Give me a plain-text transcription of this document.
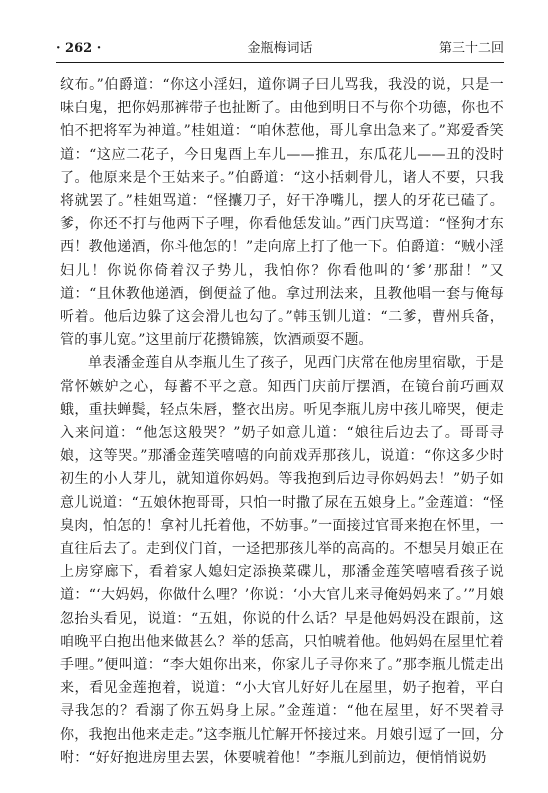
· 262 ·	金瓶梅词话	第三十二回

纹布。”伯爵道：“你这小淫妇，道你调子曰儿骂我，我没的说，只是一味白鬼，把你妈那裤带子也扯断了。由他到明日不与你个功德，你也不怕不把将军为神道。”桂姐道：“咱休惹他，哥儿拿出急来了。”郑爱香笑道：“这应二花子，今日鬼酉上车儿——推丑，东瓜花儿——丑的没时了。他原来是个王姑来子。”伯爵道：“这小括刺骨儿，诸人不要，只我将就罢了。”桂姐骂道：“怪攮刀子，好干净嘴儿，摆人的牙花已磕了。爹，你还不打与他两下子哩，你看他恁发讪。”西门庆骂道：“怪狗才东西！教他递酒，你斗他怎的！”走向席上打了他一下。伯爵道：“贼小淫妇儿！你说你倚着汉子势儿，我怕你？你看他叫的‘爹’那甜！”又道：“且休教他递酒，倒便益了他。拿过刑法来，且教他唱一套与俺每听着。他后边躲了这会滑儿也勾了。”韩玉钏儿道：“二爹，曹州兵备，管的事儿宽。”这里前厅花攒锦簇，饮酒顽耍不题。

单表潘金莲自从李瓶儿生了孩子，见西门庆常在他房里宿歇，于是常怀嫉妒之心，每蓄不平之意。知西门庆前厅摆酒，在镜台前巧画双蛾，重扶蝉鬓，轻点朱唇，整衣出房。听见李瓶儿房中孩儿啼哭，便走入来问道：“他怎这般哭？”奶子如意儿道：“娘往后边去了。哥哥寻娘，这等哭。”那潘金莲笑嘻嘻的向前戏弄那孩儿，说道：“你这多少时初生的小人芽儿，就知道你妈妈。等我抱到后边寻你妈妈去！”奶子如意儿说道：“五娘休抱哥哥，只怕一时撒了尿在五娘身上。”金莲道：“怪臭肉，怕怎的！拿衬儿托着他，不妨事。”一面接过官哥来抱在怀里，一直往后去了。走到仪门首，一迳把那孩儿举的高高的。不想吴月娘正在上房穿廊下，看着家人媳妇定添换菜碟儿，那潘金莲笑嘻嘻看孩子说道：“‘大妈妈，你做什么哩？’你说：‘小大官儿来寻俺妈妈来了。’”月娘忽抬头看见，说道：“五姐，你说的什么话？早是他妈妈没在跟前，这咱晚平白抱出他来做甚么？举的恁高，只怕唬着他。他妈妈在屋里忙着手哩。”便叫道：“李大姐你出来，你家儿子寻你来了。”那李瓶儿慌走出来，看见金莲抱着，说道：“小大官儿好好儿在屋里，奶子抱着，平白寻我怎的？看溺了你五妈身上尿。”金莲道：“他在屋里，好不哭着寻你，我抱出他来走走。”这李瓶儿忙解开怀接过来。月娘引逗了一回，分咐：“好好抱进房里去罢，休要唬着他！”李瓶儿到前边，便悄悄说奶
